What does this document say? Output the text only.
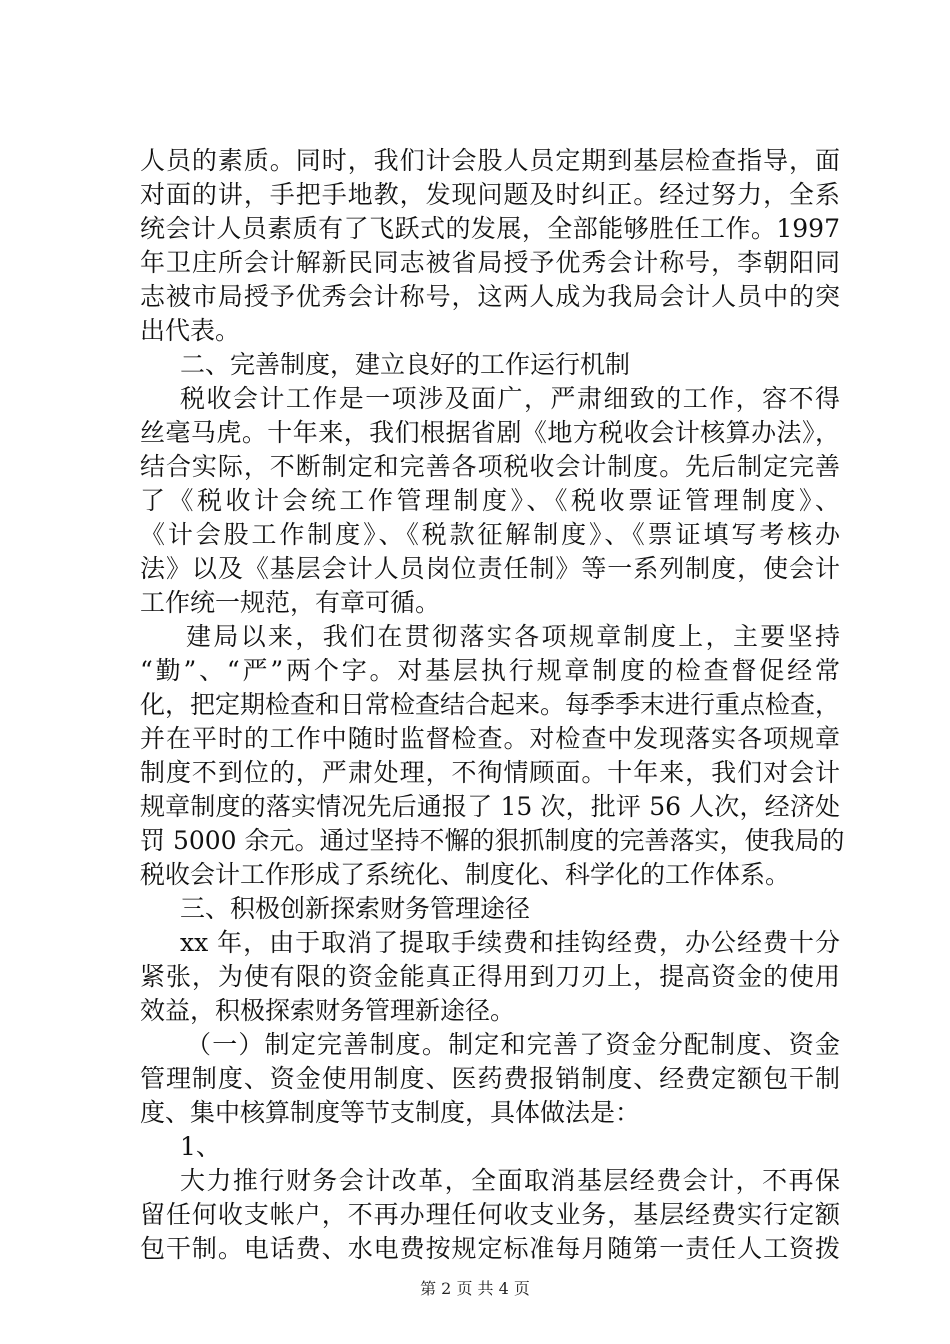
人员的素质。同时，我们计会股人员定期到基层检查指导，面
对面的讲，手把手地教，发现问题及时纠正。经过努力，全系
统会计人员素质有了飞跃式的发展，全部能够胜任工作。1997
年卫庄所会计解新民同志被省局授予优秀会计称号，李朝阳同
志被市局授予优秀会计称号，这两人成为我局会计人员中的突
出代表。
二、完善制度，建立良好的工作运行机制
税收会计工作是一项涉及面广，严肃细致的工作，容不得
丝毫马虎。十年来，我们根据省剧《地方税收会计核算办法》，
结合实际，不断制定和完善各项税收会计制度。先后制定完善
了《税收计会统工作管理制度》、《税收票证管理制度》、
《计会股工作制度》、《税款征解制度》、《票证填写考核办
法》以及《基层会计人员岗位责任制》等一系列制度，使会计
工作统一规范，有章可循。
建局以来，我们在贯彻落实各项规章制度上，主要坚持
“勤”、“严”两个字。对基层执行规章制度的检查督促经常
化，把定期检查和日常检查结合起来。每季季末进行重点检查，
并在平时的工作中随时监督检查。对检查中发现落实各项规章
制度不到位的，严肃处理，不徇情顾面。十年来，我们对会计
规章制度的落实情况先后通报了 15 次，批评 56 人次，经济处
罚 5000 余元。通过坚持不懈的狠抓制度的完善落实，使我局的
税收会计工作形成了系统化、制度化、科学化的工作体系。
三、积极创新探索财务管理途径
xx 年，由于取消了提取手续费和挂钩经费，办公经费十分
紧张，为使有限的资金能真正得用到刀刃上，提高资金的使用
效益，积极探索财务管理新途径。
（一）制定完善制度。制定和完善了资金分配制度、资金
管理制度、资金使用制度、医药费报销制度、经费定额包干制
度、集中核算制度等节支制度，具体做法是：
1、
大力推行财务会计改革，全面取消基层经费会计，不再保
留任何收支帐户，不再办理任何收支业务，基层经费实行定额
包干制。电话费、水电费按规定标准每月随第一责任人工资拨
第 2 页 共 4 页
